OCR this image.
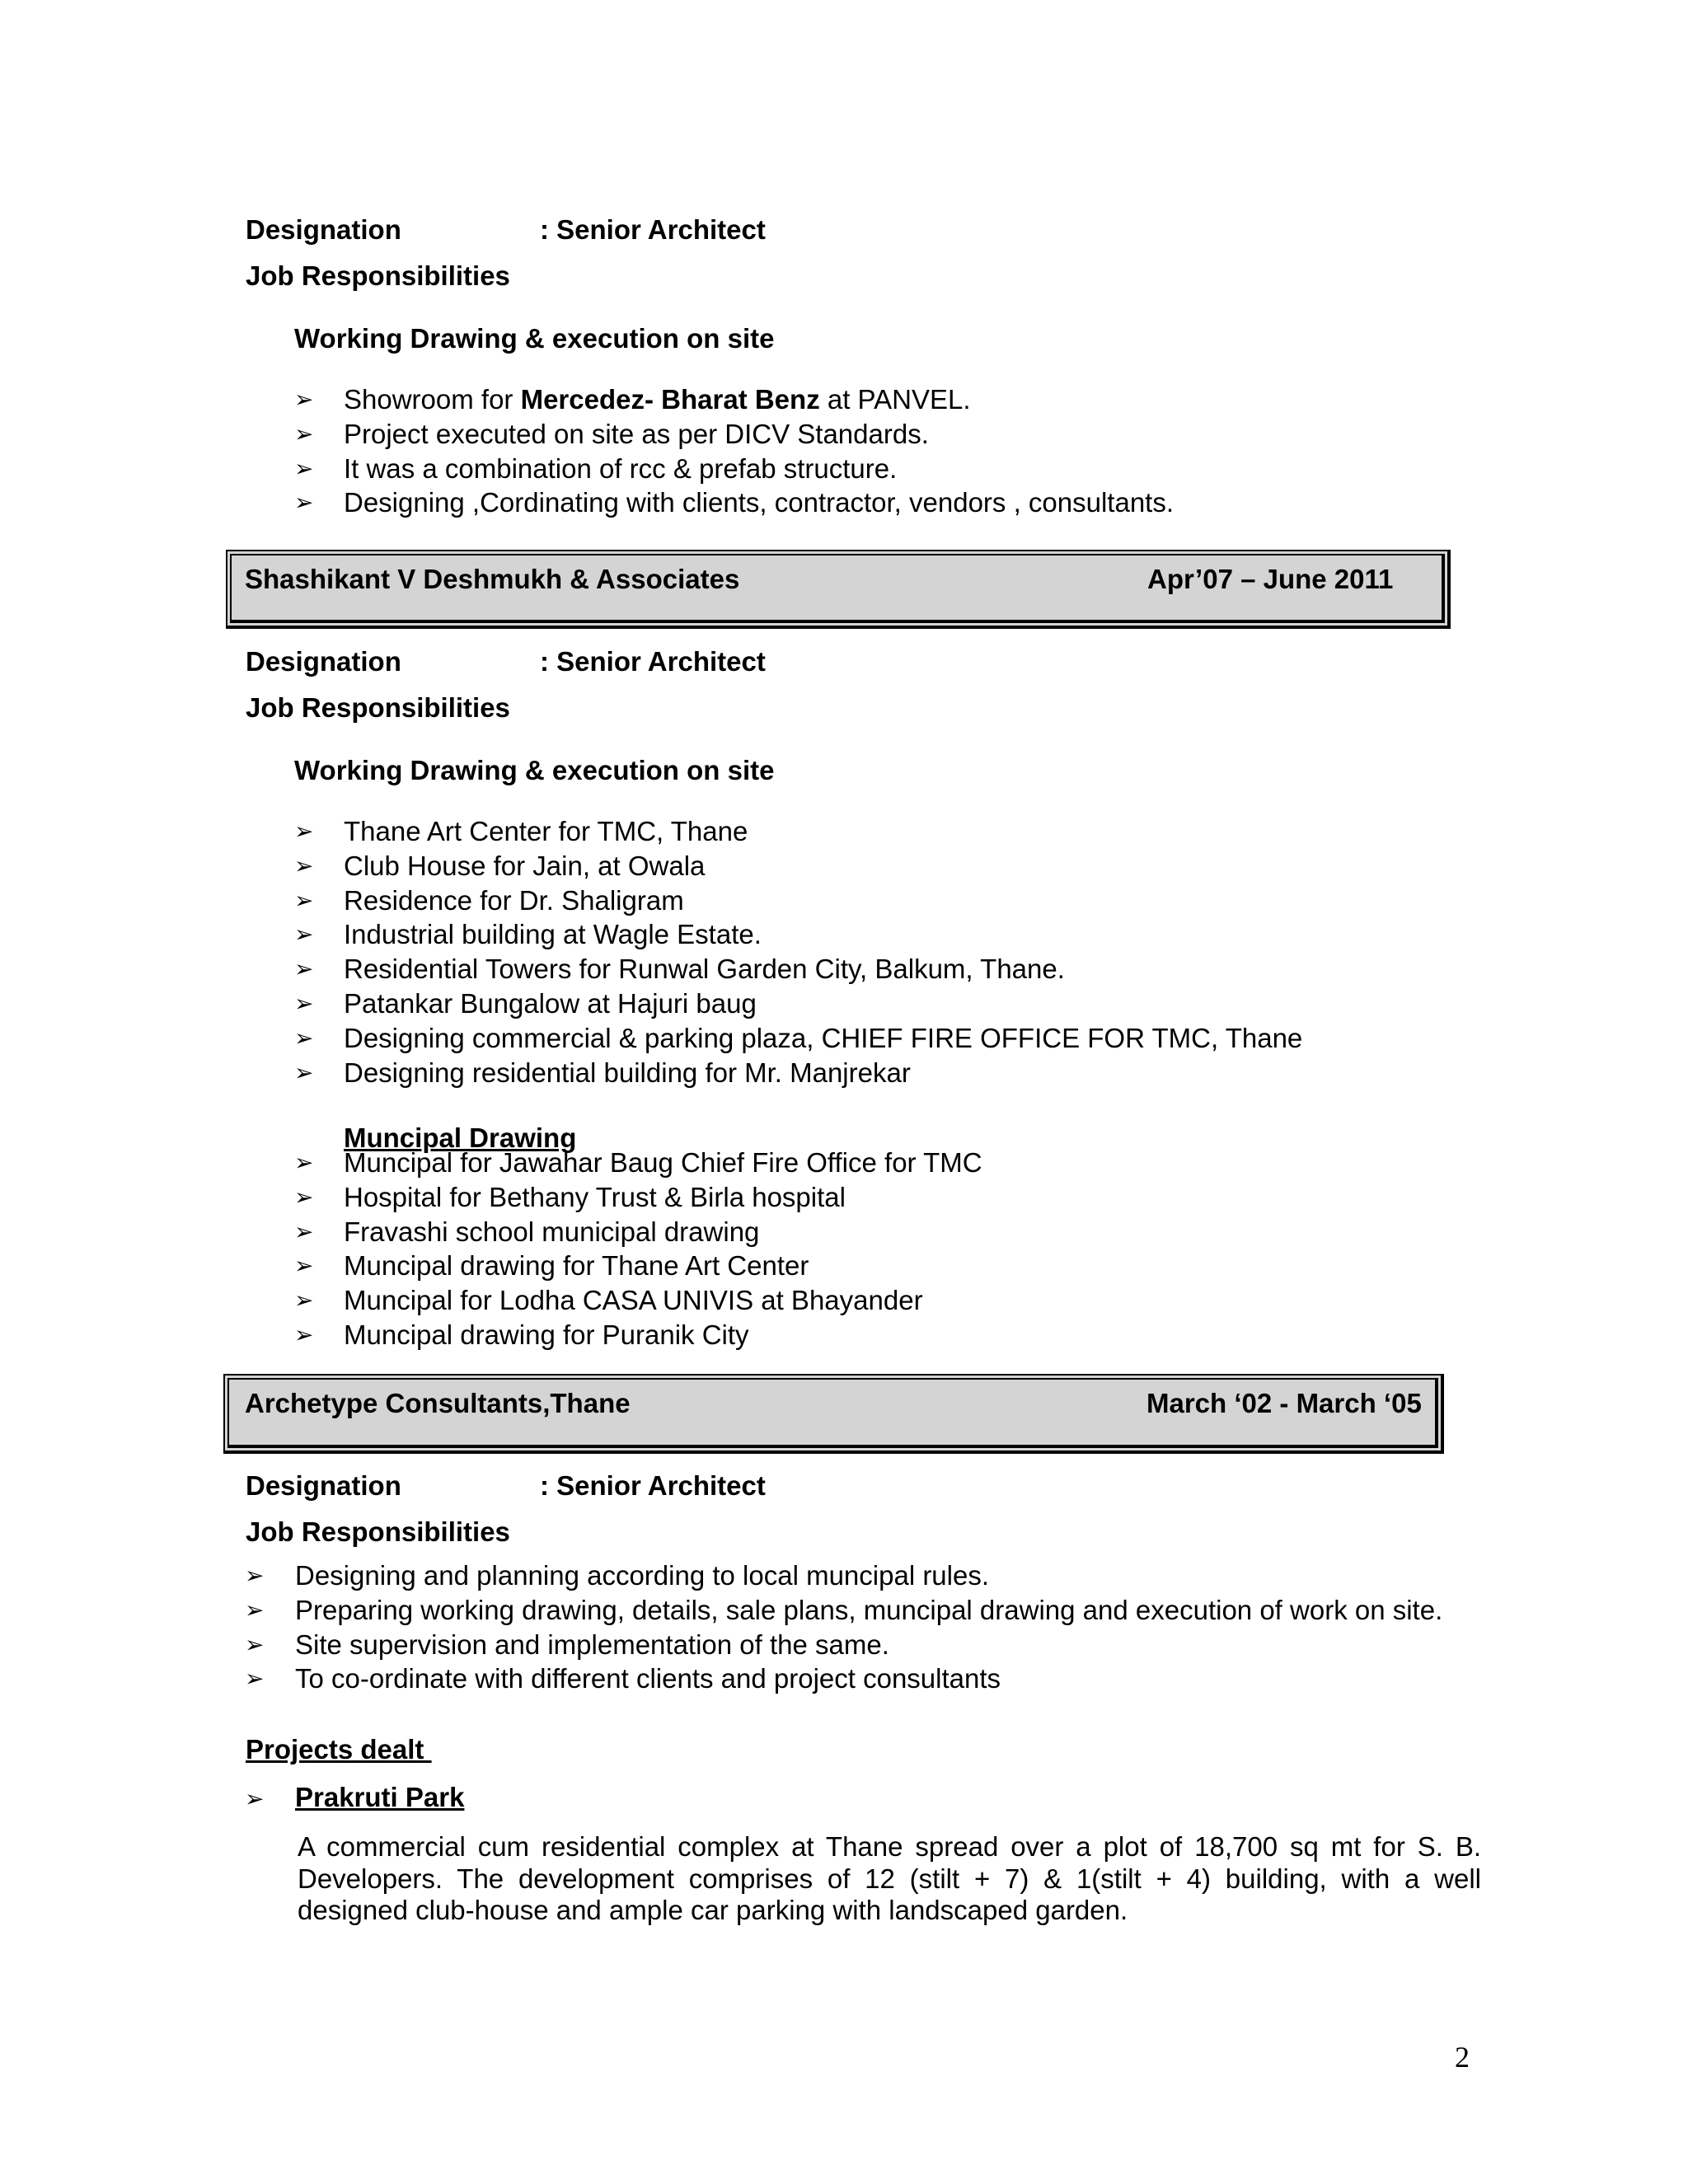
Designation	: Senior Architect
Job Responsibilities
Working Drawing & execution on site
➢ Showroom for Mercedez- Bharat Benz at PANVEL.
➢ Project executed on site as per DICV Standards.
➢ It was a combination of rcc & prefab structure.
➢ Designing ,Cordinating with clients, contractor, vendors , consultants.
Shashikant V Deshmukh & Associates	Apr’07 – June 2011
Designation	: Senior Architect
Job Responsibilities
Working Drawing & execution on site
➢ Thane Art Center for TMC, Thane
➢ Club House for Jain, at Owala
➢ Residence for Dr. Shaligram
➢ Industrial building at Wagle Estate.
➢ Residential Towers for Runwal Garden City, Balkum, Thane.
➢ Patankar Bungalow at Hajuri baug
➢ Designing commercial & parking plaza, CHIEF FIRE OFFICE FOR TMC, Thane
➢ Designing residential building for Mr. Manjrekar
Muncipal Drawing
➢ Muncipal for Jawahar Baug Chief Fire Office for TMC
➢ Hospital for Bethany Trust & Birla hospital
➢ Fravashi school municipal drawing
➢ Muncipal drawing for Thane Art Center
➢ Muncipal for Lodha CASA UNIVIS at Bhayander
➢ Muncipal drawing for Puranik City
Archetype Consultants,Thane	March ‘02 - March ‘05
Designation	: Senior Architect
Job Responsibilities
➢ Designing and planning according to local muncipal rules.
➢ Preparing working drawing, details, sale plans, muncipal drawing and execution of work on site.
➢ Site supervision and implementation of the same.
➢ To co-ordinate with different clients and project consultants
Projects dealt
➢ Prakruti Park
A commercial cum residential complex at Thane spread over a plot of 18,700 sq mt for S. B. Developers. The development comprises of 12 (stilt + 7) & 1(stilt + 4) building, with a well designed club-house and ample car parking with landscaped garden.
2
